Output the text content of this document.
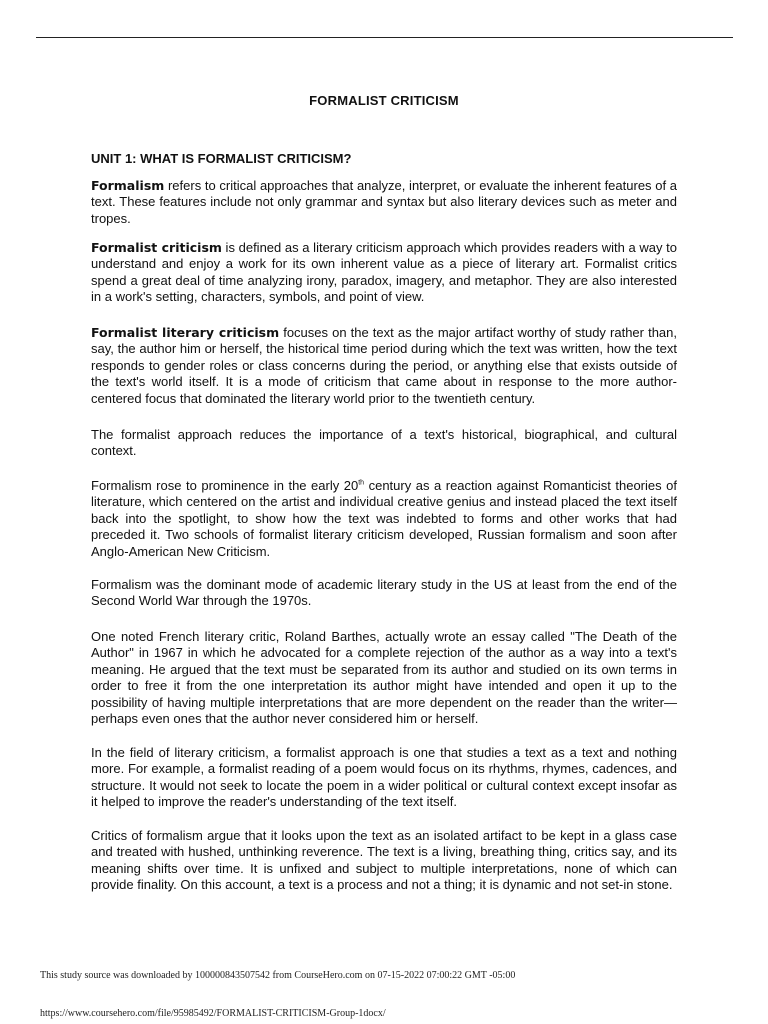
FORMALIST CRITICISM
UNIT 1: WHAT IS FORMALIST CRITICISM?

Formalism refers to critical approaches that analyze, interpret, or evaluate the inherent features of a text. These features include not only grammar and syntax but also literary devices such as meter and tropes.

Formalist criticism is defined as a literary criticism approach which provides readers with a way to understand and enjoy a work for its own inherent value as a piece of literary art. Formalist critics spend a great deal of time analyzing irony, paradox, imagery, and metaphor. They are also interested in a work's setting, characters, symbols, and point of view.

Formalist literary criticism focuses on the text as the major artifact worthy of study rather than, say, the author him or herself, the historical time period during which the text was written, how the text responds to gender roles or class concerns during the period, or anything else that exists outside of the text's world itself. It is a mode of criticism that came about in response to the more author-centered focus that dominated the literary world prior to the twentieth century.

The formalist approach reduces the importance of a text's historical, biographical, and cultural context.

Formalism rose to prominence in the early 20th century as a reaction against Romanticist theories of literature, which centered on the artist and individual creative genius and instead placed the text itself back into the spotlight, to show how the text was indebted to forms and other works that had preceded it. Two schools of formalist literary criticism developed, Russian formalism and soon after Anglo-American New Criticism.

Formalism was the dominant mode of academic literary study in the US at least from the end of the Second World War through the 1970s.

One noted French literary critic, Roland Barthes, actually wrote an essay called "The Death of the Author" in 1967 in which he advocated for a complete rejection of the author as a way into a text's meaning. He argued that the text must be separated from its author and studied on its own terms in order to free it from the one interpretation its author might have intended and open it up to the possibility of having multiple interpretations that are more dependent on the reader than the writer—perhaps even ones that the author never considered him or herself.

In the field of literary criticism, a formalist approach is one that studies a text as a text and nothing more. For example, a formalist reading of a poem would focus on its rhythms, rhymes, cadences, and structure. It would not seek to locate the poem in a wider political or cultural context except insofar as it helped to improve the reader's understanding of the text itself.

Critics of formalism argue that it looks upon the text as an isolated artifact to be kept in a glass case and treated with hushed, unthinking reverence. The text is a living, breathing thing, critics say, and its meaning shifts over time. It is unfixed and subject to multiple interpretations, none of which can provide finality. On this account, a text is a process and not a thing; it is dynamic and not set-in stone.

This study source was downloaded by 100000843507542 from CourseHero.com on 07-15-2022 07:00:22 GMT -05:00
https://www.coursehero.com/file/95985492/FORMALIST-CRITICISM-Group-1docx/
